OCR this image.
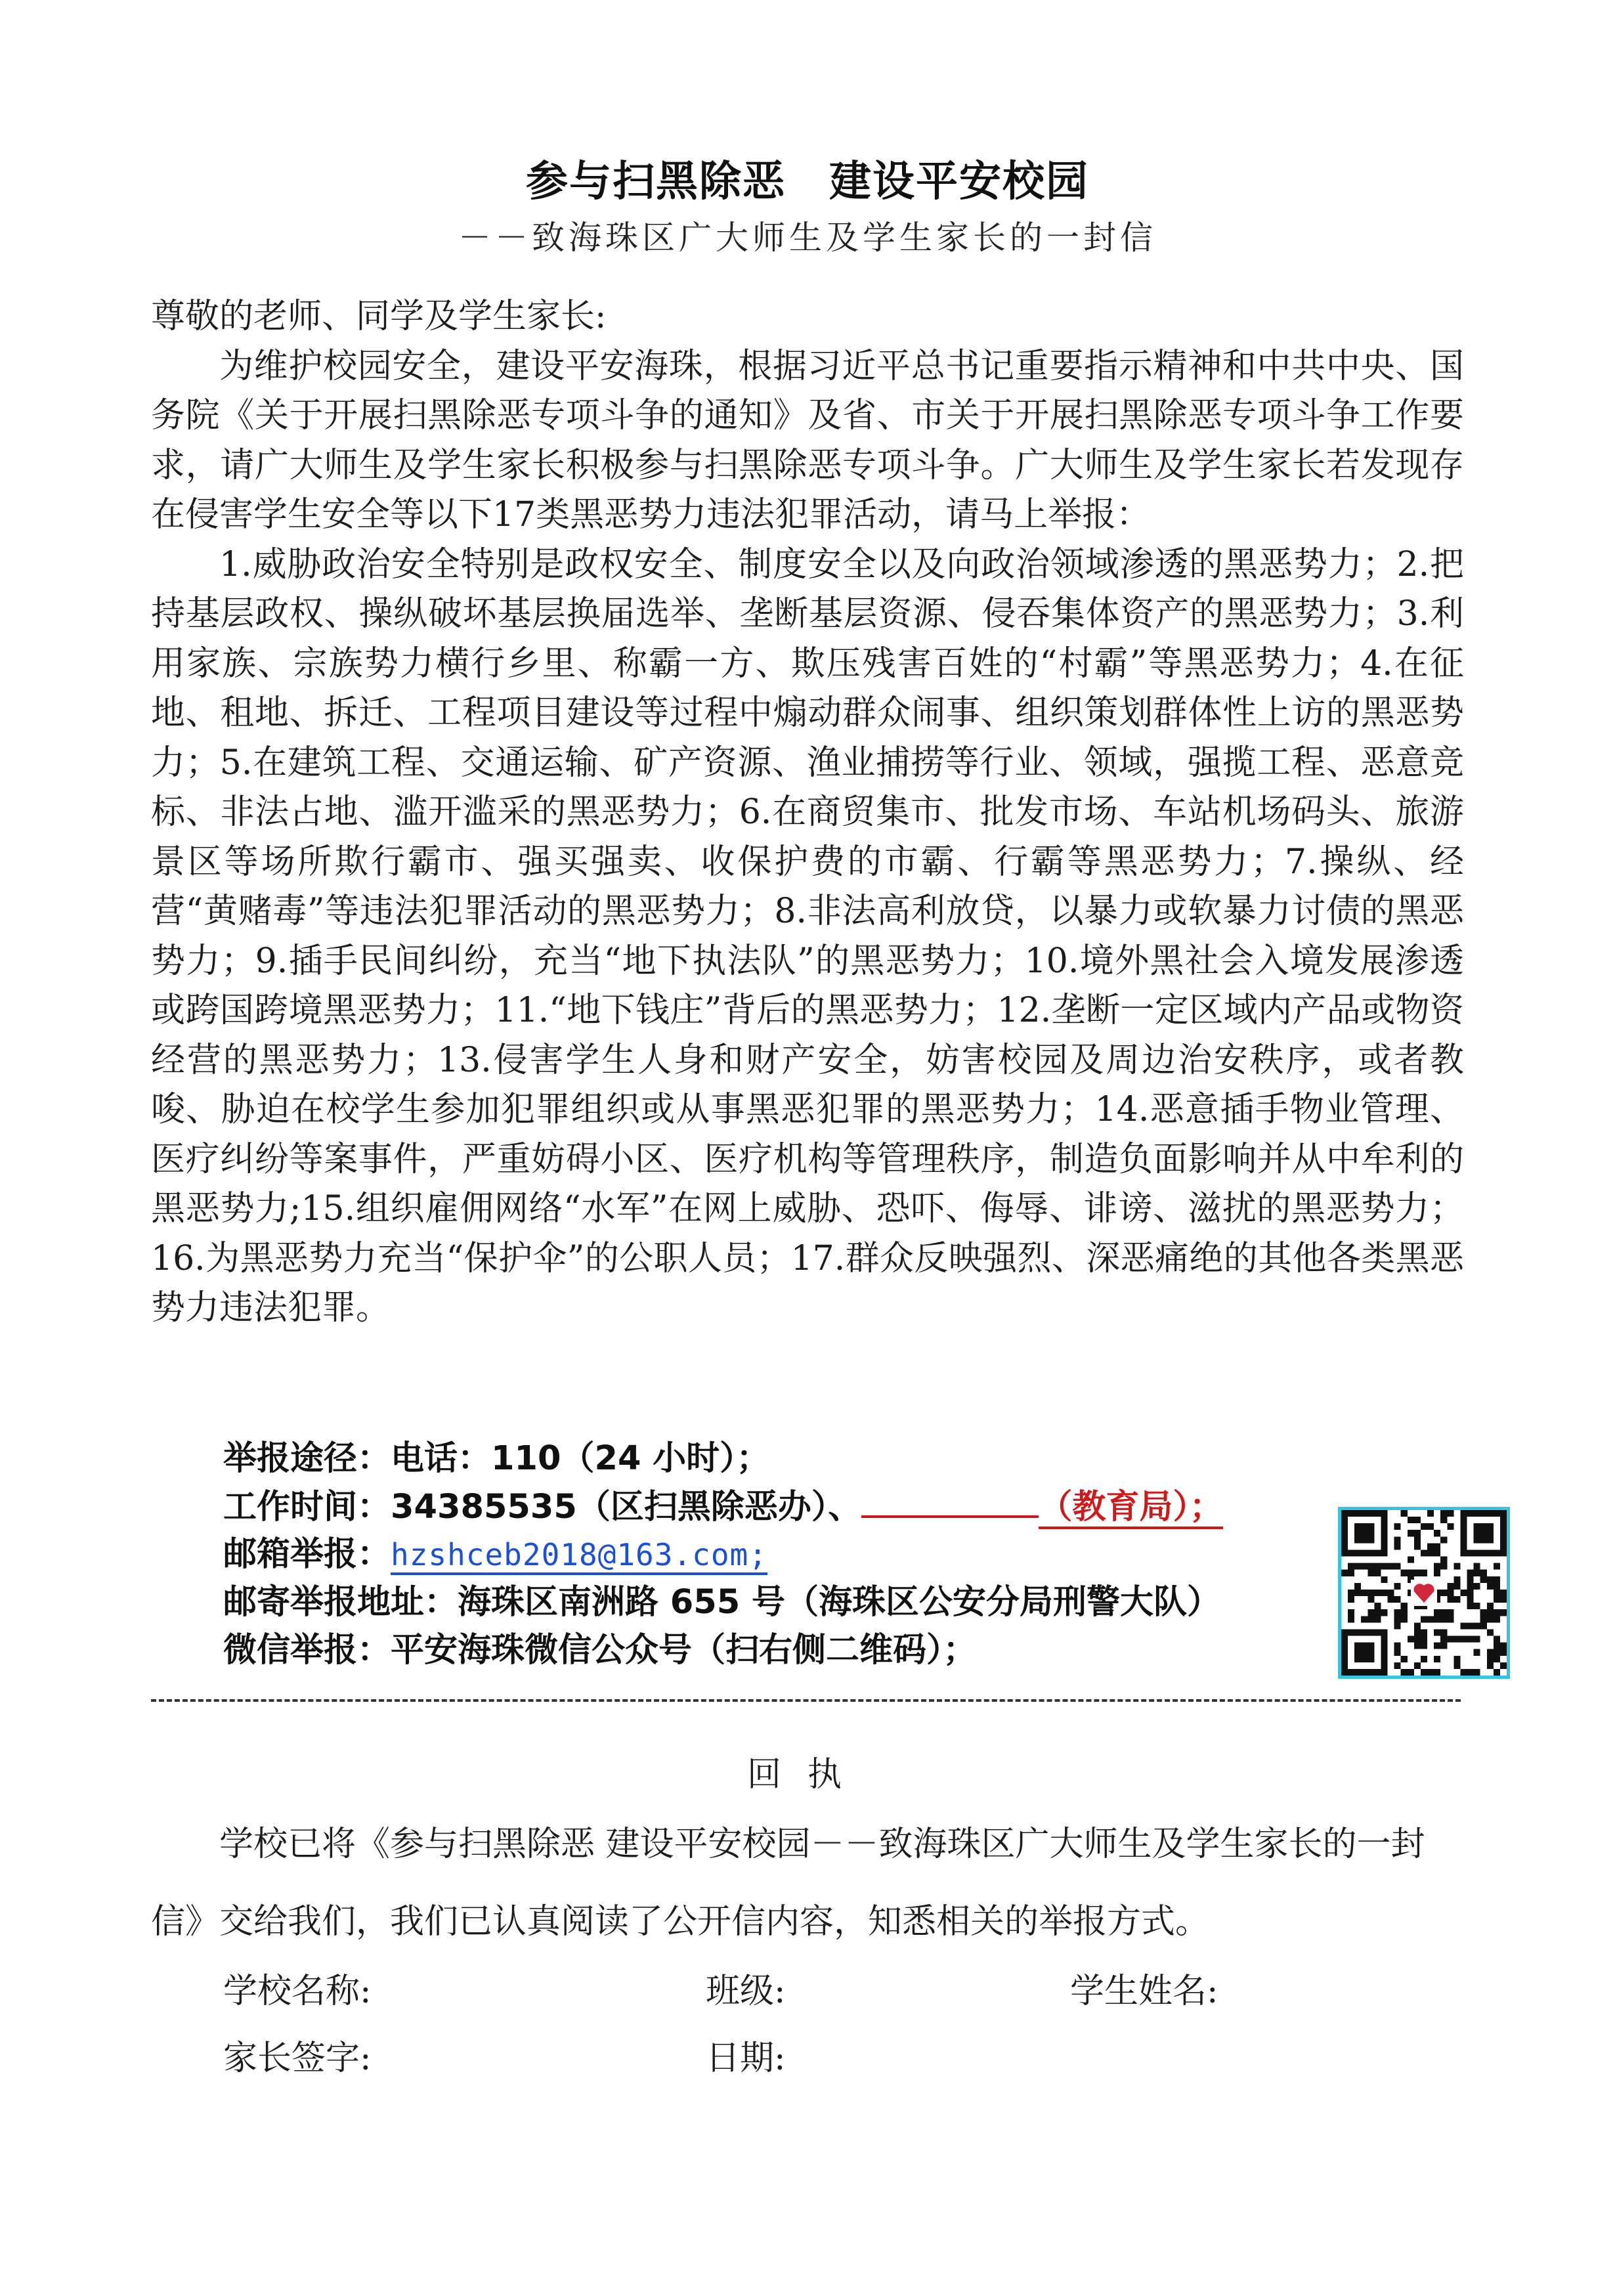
参与扫黑除恶　建设平安校园
－－致海珠区广大师生及学生家长的一封信

尊敬的老师、同学及学生家长:

为维护校园安全，建设平安海珠，根据习近平总书记重要指示精神和中共中央、国务院《关于开展扫黑除恶专项斗争的通知》及省、市关于开展扫黑除恶专项斗争工作要求，请广大师生及学生家长积极参与扫黑除恶专项斗争。广大师生及学生家长若发现存在侵害学生安全等以下17类黑恶势力违法犯罪活动，请马上举报：

1.威胁政治安全特别是政权安全、制度安全以及向政治领域渗透的黑恶势力；2.把持基层政权、操纵破坏基层换届选举、垄断基层资源、侵吞集体资产的黑恶势力；3.利用家族、宗族势力横行乡里、称霸一方、欺压残害百姓的“村霸”等黑恶势力；4.在征地、租地、拆迁、工程项目建设等过程中煽动群众闹事、组织策划群体性上访的黑恶势力；5.在建筑工程、交通运输、矿产资源、渔业捕捞等行业、领域，强揽工程、恶意竞标、非法占地、滥开滥采的黑恶势力；6.在商贸集市、批发市场、车站机场码头、旅游景区等场所欺行霸市、强买强卖、收保护费的市霸、行霸等黑恶势力；7.操纵、经营“黄赌毒”等违法犯罪活动的黑恶势力；8.非法高利放贷，以暴力或软暴力讨债的黑恶势力；9.插手民间纠纷，充当“地下执法队”的黑恶势力；10.境外黑社会入境发展渗透或跨国跨境黑恶势力；11.“地下钱庄”背后的黑恶势力；12.垄断一定区域内产品或物资经营的黑恶势力；13.侵害学生人身和财产安全，妨害校园及周边治安秩序，或者教唆、胁迫在校学生参加犯罪组织或从事黑恶犯罪的黑恶势力；14.恶意插手物业管理、医疗纠纷等案事件，严重妨碍小区、医疗机构等管理秩序，制造负面影响并从中牟利的黑恶势力;15.组织雇佣网络“水军”在网上威胁、恐吓、侮辱、诽谤、滋扰的黑恶势力；16.为黑恶势力充当“保护伞”的公职人员；17.群众反映强烈、深恶痛绝的其他各类黑恶势力违法犯罪。

举报途径：电话：110（24 小时）；
工作时间：34385535（区扫黑除恶办）、	（教育局）；
邮箱举报：hzshceb2018@163.com;
邮寄举报地址：海珠区南洲路 655 号（海珠区公安分局刑警大队）
微信举报：平安海珠微信公众号（扫右侧二维码）；
回执

学校已将《参与扫黑除恶 建设平安校园－－致海珠区广大师生及学生家长的一封信》交给我们，我们已认真阅读了公开信内容，知悉相关的举报方式。

学校名称:	班级:	学生姓名:
家长签字:	日期:
